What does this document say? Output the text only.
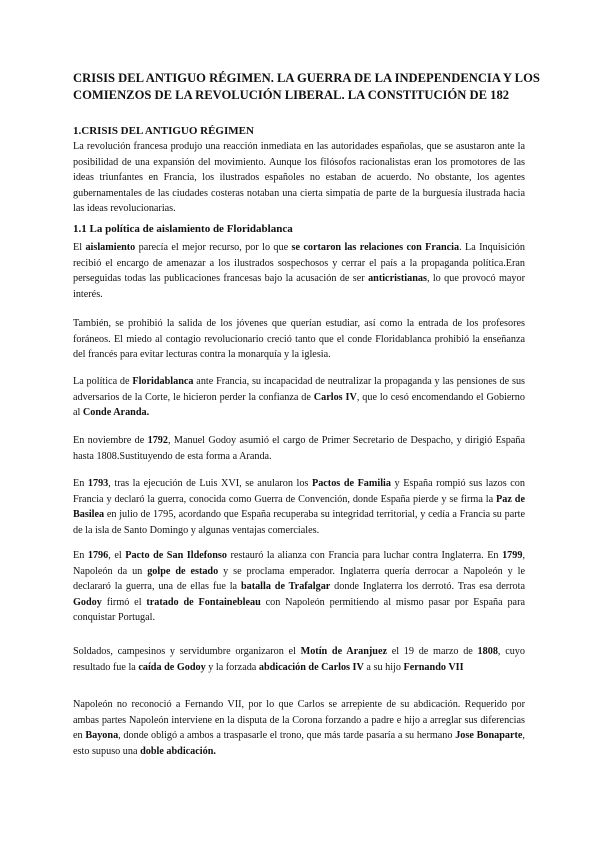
CRISIS DEL ANTIGUO RÉGIMEN. LA GUERRA DE LA INDEPENDENCIA Y LOS COMIENZOS DE LA REVOLUCIÓN LIBERAL. LA CONSTITUCIÓN DE 182
1.CRISIS DEL ANTIGUO RÉGIMEN

La revolución francesa produjo una reacción inmediata en las autoridades españolas, que se asustaron ante la posibilidad de una expansión del movimiento. Aunque los filósofos racionalistas eran los promotores de las ideas triunfantes en Francia, los ilustrados españoles no estaban de acuerdo. No obstante, los agentes gubernamentales de las ciudades costeras notaban una cierta simpatía de parte de la burguesía ilustrada hacia las ideas revolucionarias.

1.1 La política de aislamiento de Floridablanca

El aislamiento parecía el mejor recurso, por lo que se cortaron las relaciones con Francia. La Inquisición recibió el encargo de amenazar a los ilustrados sospechosos y cerrar el país a la propaganda política.Eran perseguidas todas las publicaciones francesas bajo la acusación de ser anticristianas, lo que provocó mayor interés.

También, se prohibió la salida de los jóvenes que querían estudiar, así como la entrada de los profesores foráneos. El miedo al contagio revolucionario creció tanto que el conde Floridablanca prohibió la enseñanza del francés para evitar lecturas contra la monarquía y la iglesia.

La política de Floridablanca ante Francia, su incapacidad de neutralizar la propaganda y las pensiones de sus adversarios de la Corte, le hicieron perder la confianza de Carlos IV, que lo cesó encomendando el Gobierno al Conde Aranda.

En noviembre de 1792, Manuel Godoy asumió el cargo de Primer Secretario de Despacho, y dirigió España hasta 1808.Sustituyendo de esta forma a Aranda.

En 1793, tras la ejecución de Luis XVI, se anularon los Pactos de Familia y España rompió sus lazos con Francia y declaró la guerra, conocida como Guerra de Convención, donde España pierde y se firma la Paz de Basilea en julio de 1795, acordando que España recuperaba su integridad territorial, y cedía a Francia su parte de la isla de Santo Domingo y algunas ventajas comerciales.

En 1796, el Pacto de San Ildefonso restauró la alianza con Francia para luchar contra Inglaterra. En 1799, Napoleón da un golpe de estado y se proclama emperador. Inglaterra quería derrocar a Napoleón y le declararó la guerra, una de ellas fue la batalla de Trafalgar donde Inglaterra los derrotó. Tras esa derrota Godoy firmó el tratado de Fontainebleau con Napoleón permitiendo al mismo pasar por España para conquistar Portugal.

Soldados, campesinos y servidumbre organizaron el Motín de Aranjuez el 19 de marzo de 1808, cuyo resultado fue la caída de Godoy y la forzada abdicación de Carlos IV a su hijo Fernando VII

Napoleón no reconoció a Fernando VII, por lo que Carlos se arrepiente de su abdicación. Requerido por ambas partes Napoleón interviene en la disputa de la Corona forzando a padre e hijo a arreglar sus diferencias en Bayona, donde obligó a ambos a traspasarle el trono, que más tarde pasaría a su hermano Jose Bonaparte, esto supuso una doble abdicación.
